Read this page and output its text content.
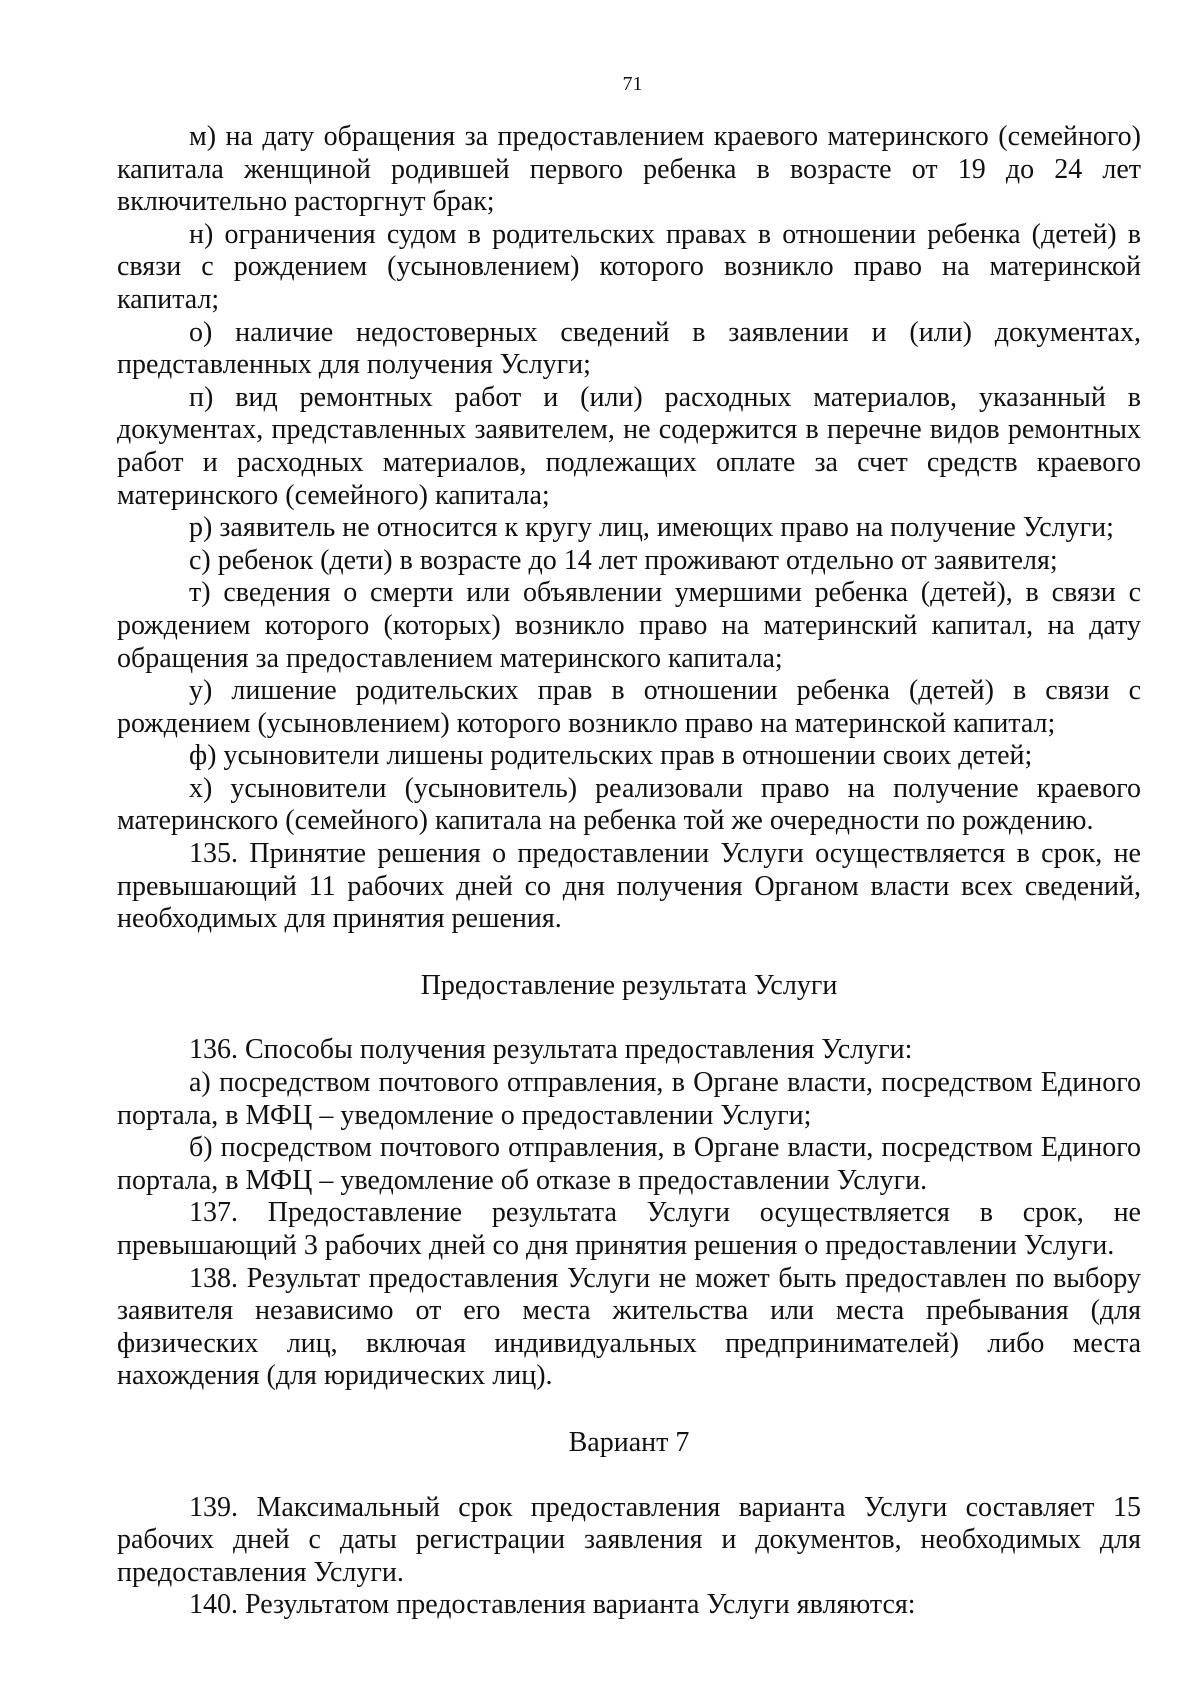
71

м) на дату обращения за предоставлением краевого материнского (семейного) капитала женщиной родившей первого ребенка в возрасте от 19 до 24 лет включительно расторгнут брак;

н) ограничения судом в родительских правах в отношении ребенка (детей) в связи с рождением (усыновлением) которого возникло право на материнской капитал;

о) наличие недостоверных сведений в заявлении и (или) документах, представленных для получения Услуги;

п) вид ремонтных работ и (или) расходных материалов, указанный в документах, представленных заявителем, не содержится в перечне видов ремонтных работ и расходных материалов, подлежащих оплате за счет средств краевого материнского (семейного) капитала;

р) заявитель не относится к кругу лиц, имеющих право на получение Услуги;

с) ребенок (дети) в возрасте до 14 лет проживают отдельно от заявителя;

т) сведения о смерти или объявлении умершими ребенка (детей), в связи с рождением которого (которых) возникло право на материнский капитал, на дату обращения за предоставлением материнского капитала;

у) лишение родительских прав в отношении ребенка (детей) в связи с рождением (усыновлением) которого возникло право на материнской капитал;

ф) усыновители лишены родительских прав в отношении своих детей;

х) усыновители (усыновитель) реализовали право на получение краевого материнского (семейного) капитала на ребенка той же очередности по рождению.

135. Принятие решения о предоставлении Услуги осуществляется в срок, не превышающий 11 рабочих дней со дня получения Органом власти всех сведений, необходимых для принятия решения.

Предоставление результата Услуги

136. Способы получения результата предоставления Услуги:

а) посредством почтового отправления, в Органе власти, посредством Единого портала, в МФЦ – уведомление о предоставлении Услуги;

б) посредством почтового отправления, в Органе власти, посредством Единого портала, в МФЦ – уведомление об отказе в предоставлении Услуги.

137. Предоставление результата Услуги осуществляется в срок, не превышающий 3 рабочих дней со дня принятия решения о предоставлении Услуги.

138. Результат предоставления Услуги не может быть предоставлен по выбору заявителя независимо от его места жительства или места пребывания (для физических лиц, включая индивидуальных предпринимателей) либо места нахождения (для юридических лиц).

Вариант 7

139. Максимальный срок предоставления варианта Услуги составляет 15 рабочих дней с даты регистрации заявления и документов, необходимых для предоставления Услуги.

140. Результатом предоставления варианта Услуги являются:
